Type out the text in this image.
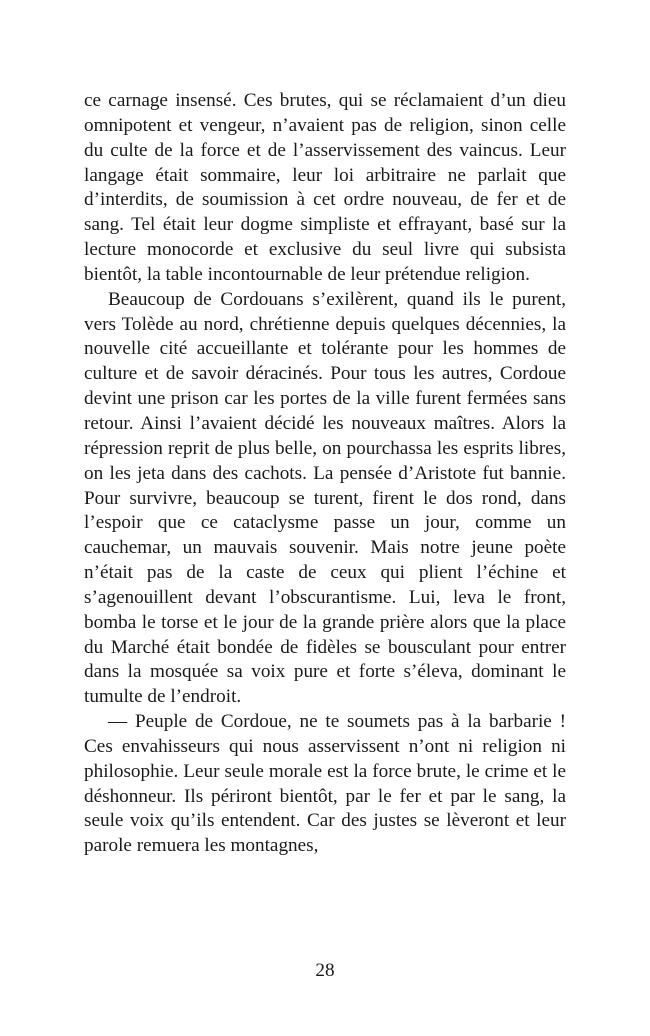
ce carnage insensé. Ces brutes, qui se réclamaient d’un dieu omnipotent et vengeur, n’avaient pas de religion, sinon celle du culte de la force et de l’asservissement des vaincus. Leur langage était sommaire, leur loi arbitraire ne parlait que d’interdits, de soumission à cet ordre nouveau, de fer et de sang. Tel était leur dogme simpliste et effrayant, basé sur la lecture monocorde et exclusive du seul livre qui subsista bientôt, la table incontournable de leur prétendue religion.

Beaucoup de Cordouans s’exilèrent, quand ils le purent, vers Tolède au nord, chrétienne depuis quelques décennies, la nouvelle cité accueillante et tolérante pour les hommes de culture et de savoir déracinés. Pour tous les autres, Cordoue devint une prison car les portes de la ville furent fermées sans retour. Ainsi l’avaient décidé les nouveaux maîtres. Alors la répression reprit de plus belle, on pourchassa les esprits libres, on les jeta dans des cachots. La pensée d’Aristote fut bannie. Pour survivre, beaucoup se turent, firent le dos rond, dans l’espoir que ce cataclysme passe un jour, comme un cauchemar, un mauvais souvenir. Mais notre jeune poète n’était pas de la caste de ceux qui plient l’échine et s’agenouillent devant l’obscurantisme. Lui, leva le front, bomba le torse et le jour de la grande prière alors que la place du Marché était bondée de fidèles se bousculant pour entrer dans la mosquée sa voix pure et forte s’éleva, dominant le tumulte de l’endroit.

— Peuple de Cordoue, ne te soumets pas à la barbarie ! Ces envahisseurs qui nous asservissent n’ont ni religion ni philosophie. Leur seule morale est la force brute, le crime et le déshonneur. Ils périront bientôt, par le fer et par le sang, la seule voix qu’ils entendent. Car des justes se lèveront et leur parole remuera les montagnes,

28
